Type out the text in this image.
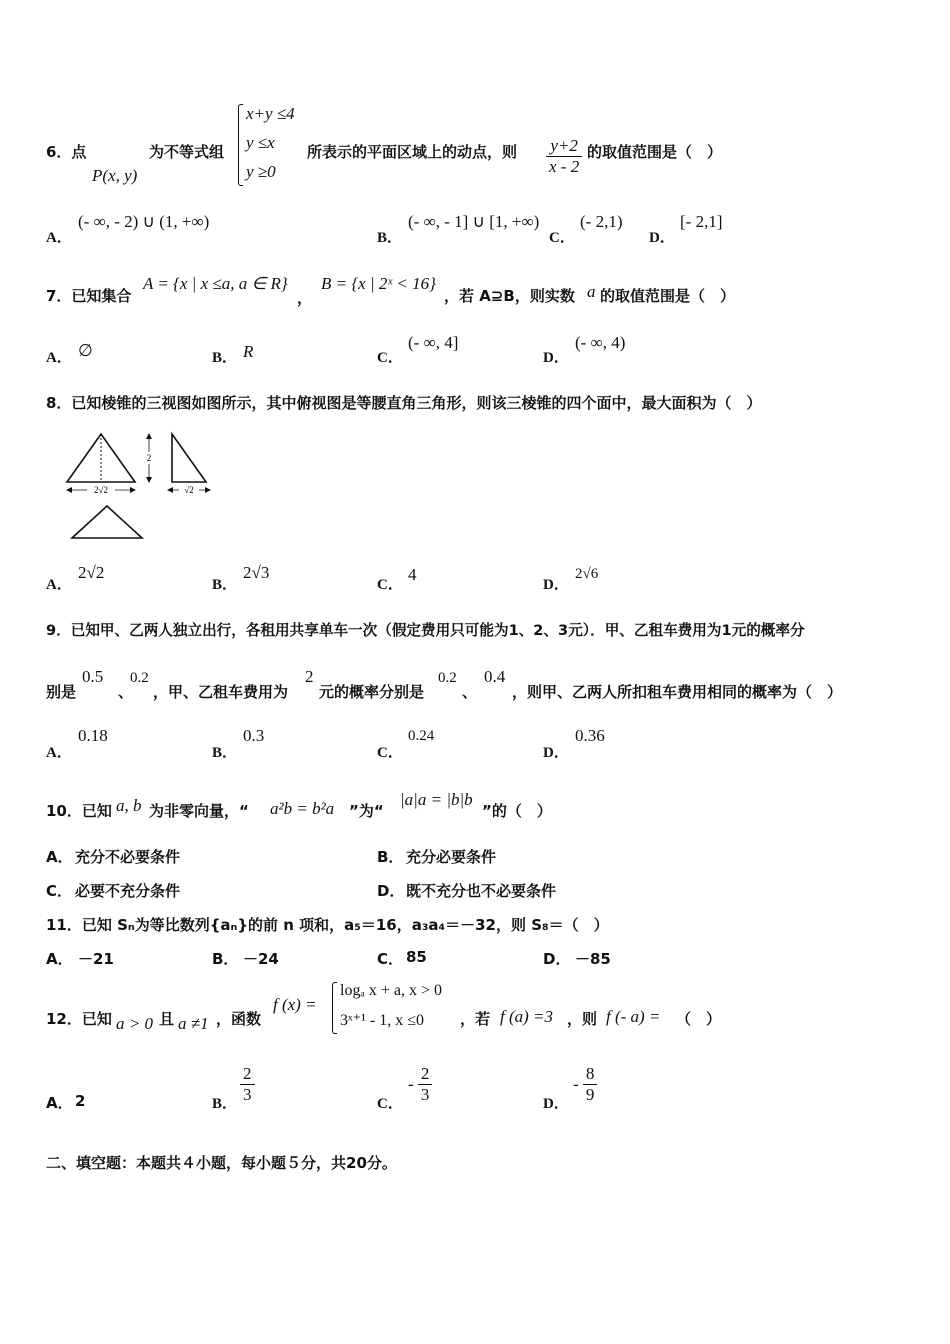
6．点
P(x, y)
为不等式组
x+y ≤4
y ≤x
y ≥0
所表示的平面区域上的动点，则 $\frac{y+2}{x - 2}$ 的取值范围是（　）
A．
(- ∞, - 2) ∪ (1, +∞)
B．
(- ∞, - 1] ∪ [1, +∞)
C．
(- 2,1)
D．
[- 2,1]
7．已知集合
A = {x | x ≤a, a ∈ R}
，
B = {x | 2ˣ < 16}
，若 A⊇B，则实数 a 的取值范围是（　）
A． ∅	B． R	C．
(- ∞, 4]
D．
(- ∞, 4)
8．已知棱锥的三视图如图所示，其中俯视图是等腰直角三角形，则该三棱锥的四个面中，最大面积为（　）
2
2√2	√2
A．
2√2
B．
2√3
C．
4
D．
2√6
9．已知甲、乙两人独立出行，各租用共享单车一次（假定费用只可能为1、2、3元）．甲、乙租车费用为1元的概率分
别是
0.5
、
0.2
，甲、乙租车费用为
2
元的概率分别是
0.2
、
0.4
，则甲、乙两人所扣租车费用相同的概率为（　）
A．
0.18
B．
0.3
C．
0.24
D．
0.36
10．已知 a, b 为非零向量，“ a²b = b²a ”为“
|a|a = |b|b
”的（　）
A． 充分不必要条件	B． 充分必要条件
C． 必要不充分条件	D． 既不充分也不必要条件
11．已知 Sₙ为等比数列{aₙ}的前 n 项和，a₅＝16，a₃a₄＝－32，则 S₈＝（　）
A． －21	B． －24	C． 85	D． －85
12．已知 a > 0 且 a ≠1 ，函数
f (x) =
logₐ x + a, x > 0
3ˣ⁺¹ - 1, x ≤0 ，若 f (a) =3 ，则 f (- a) = （　）
A． 2	B． $\frac{2}{3}$	C．
- $\frac{2}{3}$	D．
- $\frac{8}{9}$
二、填空题：本题共４小题，每小题５分，共20分。
